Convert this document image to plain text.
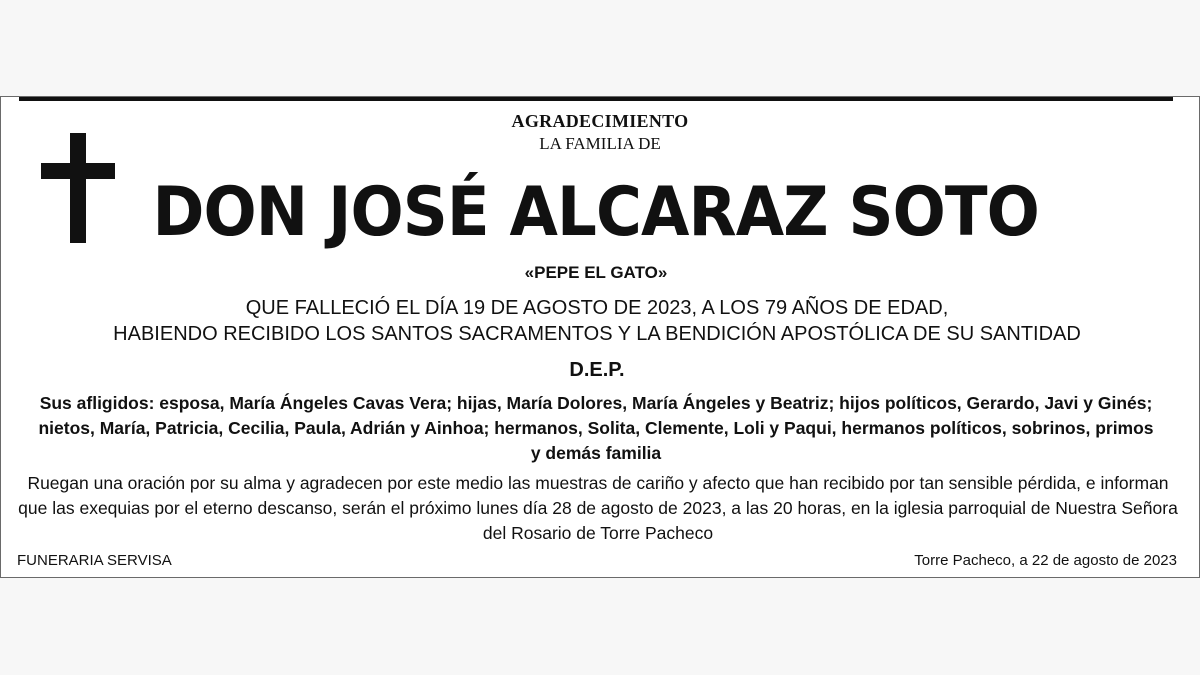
AGRADECIMIENTO
LA FAMILIA DE
DON JOSÉ ALCARAZ SOTO
«PEPE EL GATO»
QUE FALLECIÓ EL DÍA 19 DE AGOSTO DE 2023, A LOS 79 AÑOS DE EDAD,
HABIENDO RECIBIDO LOS SANTOS SACRAMENTOS Y LA BENDICIÓN APOSTÓLICA DE SU SANTIDAD
D.E.P.
Sus afligidos: esposa, María Ángeles Cavas Vera; hijas, María Dolores, María Ángeles y Beatriz; hijos políticos, Gerardo, Javi y Ginés;
nietos, María, Patricia, Cecilia, Paula, Adrián y Ainhoa; hermanos, Solita, Clemente, Loli y Paqui, hermanos políticos, sobrinos, primos
y demás familia
Ruegan una oración por su alma y agradecen por este medio las muestras de cariño y afecto que han recibido por tan sensible pérdida, e informan
que las exequias por el eterno descanso, serán el próximo lunes día 28 de agosto de 2023, a las 20 horas, en la iglesia parroquial de Nuestra Señora
del Rosario de Torre Pacheco
FUNERARIA SERVISA	Torre Pacheco, a 22 de agosto de 2023
